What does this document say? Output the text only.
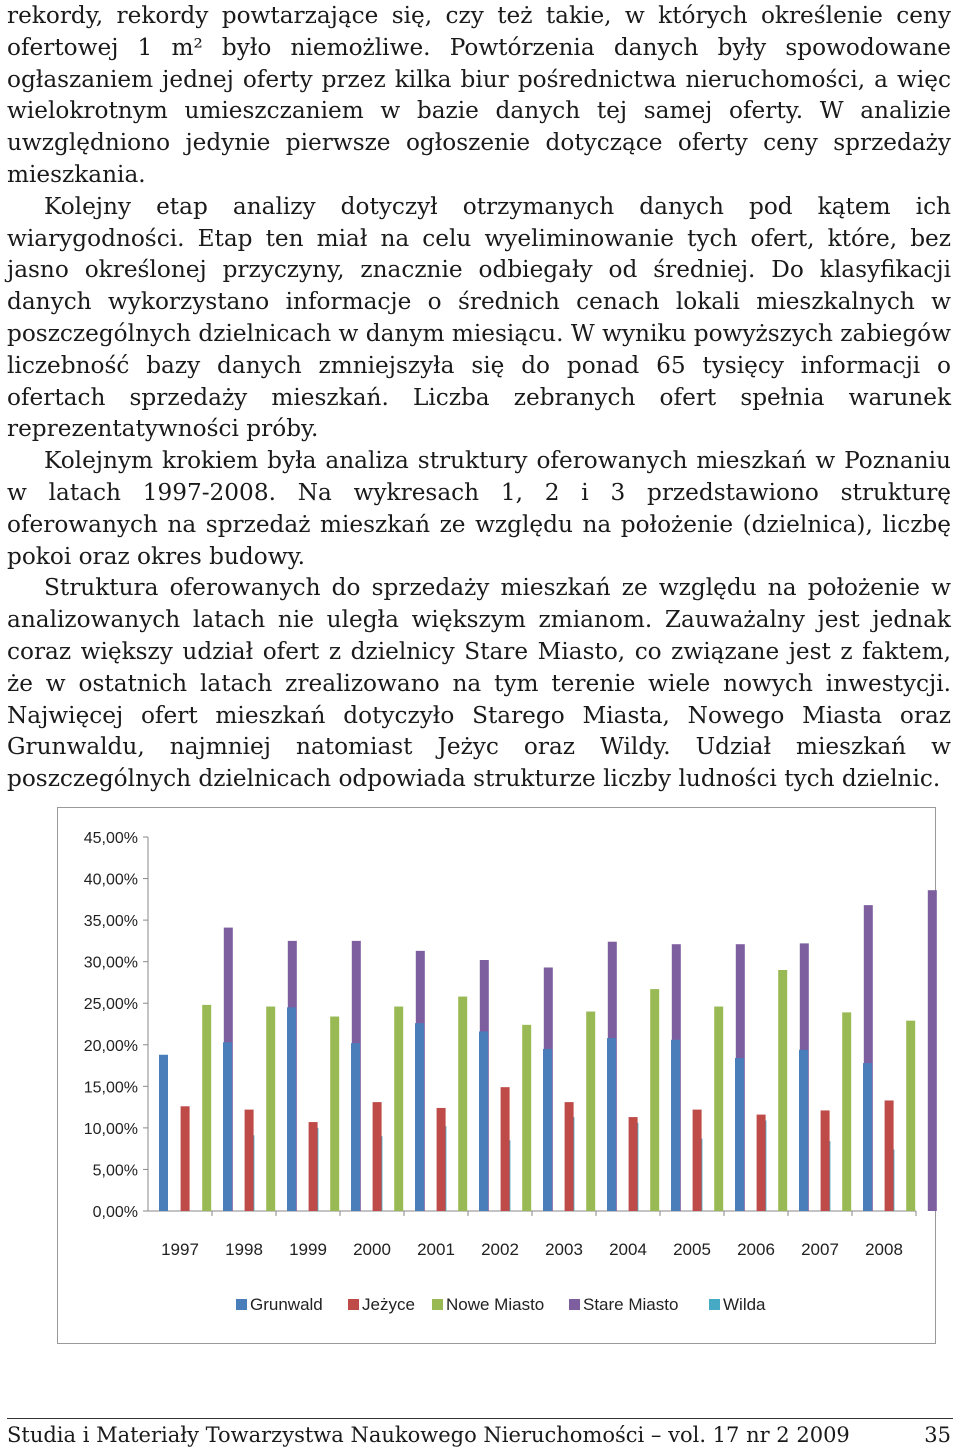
rekordy, rekordy powtarzające się, czy też takie, w których określenie ceny ofertowej 1 m² było niemożliwe. Powtórzenia danych były spowodowane ogłaszaniem jednej oferty przez kilka biur pośrednictwa nieruchomości, a więc wielokrotnym umieszczaniem w bazie danych tej samej oferty. W analizie uwzględniono jedynie pierwsze ogłoszenie dotyczące oferty ceny sprzedaży mieszkania.

Kolejny etap analizy dotyczył otrzymanych danych pod kątem ich wiarygodności. Etap ten miał na celu wyeliminowanie tych ofert, które, bez jasno określonej przyczyny, znacznie odbiegały od średniej. Do klasyfikacji danych wykorzystano informacje o średnich cenach lokali mieszkalnych w poszczególnych dzielnicach w danym miesiącu. W wyniku powyższych zabiegów liczebność bazy danych zmniejszyła się do ponad 65 tysięcy informacji o ofertach sprzedaży mieszkań. Liczba zebranych ofert spełnia warunek reprezentatywności próby.

Kolejnym krokiem była analiza struktury oferowanych mieszkań w Poznaniu w latach 1997-2008. Na wykresach 1, 2 i 3 przedstawiono strukturę oferowanych na sprzedaż mieszkań ze względu na położenie (dzielnica), liczbę pokoi oraz okres budowy.

Struktura oferowanych do sprzedaży mieszkań ze względu na położenie w analizowanych latach nie uległa większym zmianom. Zauważalny jest jednak coraz większy udział ofert z dzielnicy Stare Miasto, co związane jest z faktem, że w ostatnich latach zrealizowano na tym terenie wiele nowych inwestycji. Najwięcej ofert mieszkań dotyczyło Starego Miasta, Nowego Miasta oraz Grunwaldu, najmniej natomiast Jeżyc oraz Wildy. Udział mieszkań w poszczególnych dzielnicach odpowiada strukturze liczby ludności tych dzielnic.

0,00%
5,00%
10,00%
15,00%
20,00%
25,00%
30,00%
35,00%
40,00%
45,00%
1997 1998 1999 2000 2001 2002 2003 2004 2005 2006 2007 2008
Grunwald Jeżyce Nowe Miasto Stare Miasto	Wilda
Studia i Materiały Towarzystwa Naukowego Nieruchomości – vol. 17 nr 2 2009	35
